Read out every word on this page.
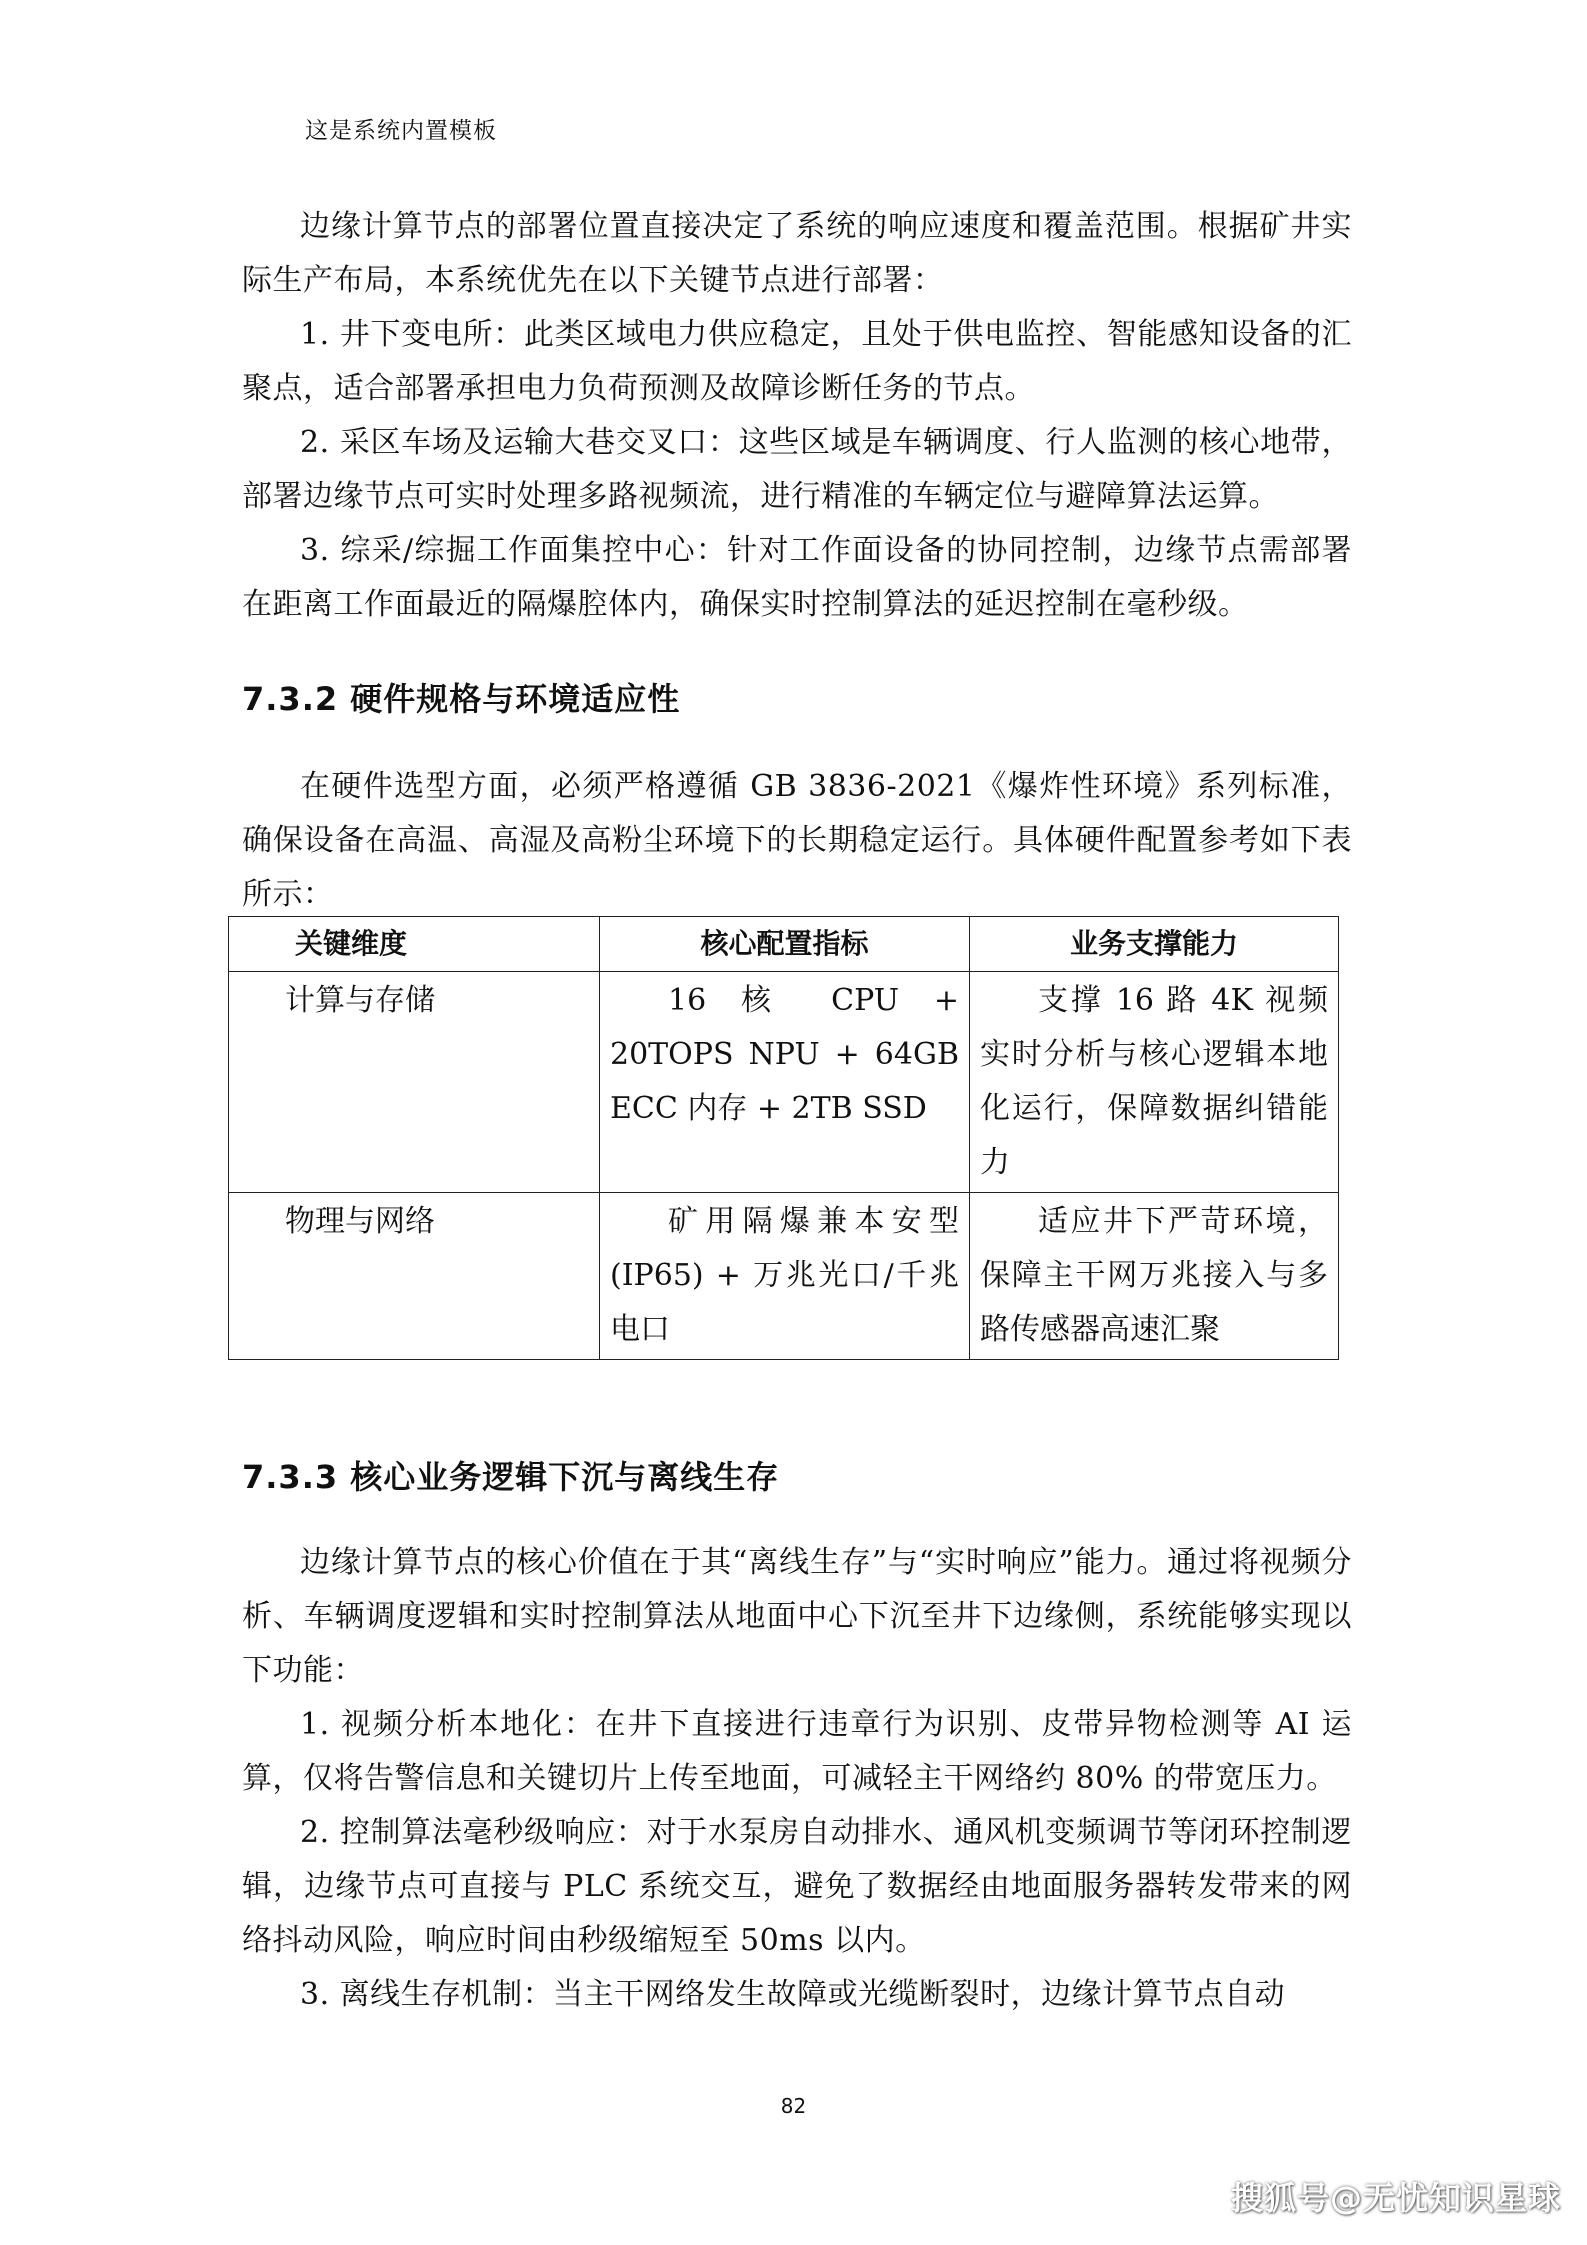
这是系统内置模板

边缘计算节点的部署位置直接决定了系统的响应速度和覆盖范围。根据矿井实际生产布局，本系统优先在以下关键节点进行部署：

1. 井下变电所：此类区域电力供应稳定，且处于供电监控、智能感知设备的汇聚点，适合部署承担电力负荷预测及故障诊断任务的节点。

2. 采区车场及运输大巷交叉口：这些区域是车辆调度、行人监测的核心地带，部署边缘节点可实时处理多路视频流，进行精准的车辆定位与避障算法运算。

3. 综采/综掘工作面集控中心：针对工作面设备的协同控制，边缘节点需部署在距离工作面最近的隔爆腔体内，确保实时控制算法的延迟控制在毫秒级。

7.3.2 硬件规格与环境适应性

在硬件选型方面，必须严格遵循 GB 3836-2021《爆炸性环境》系列标准，确保设备在高温、高湿及高粉尘环境下的长期稳定运行。具体硬件配置参考如下表所示：

关键维度	核心配置指标	业务支撑能力
计算与存储	16 核 CPU + 20TOPS NPU + 64GB ECC 内存 + 2TB SSD	支撑 16 路 4K 视频实时分析与核心逻辑本地化运行，保障数据纠错能力
物理与网络	矿用隔爆兼本安型 (IP65) + 万兆光口/千兆电口	适应井下严苛环境，保障主干网万兆接入与多路传感器高速汇聚
7.3.3 核心业务逻辑下沉与离线生存

边缘计算节点的核心价值在于其“离线生存”与“实时响应”能力。通过将视频分析、车辆调度逻辑和实时控制算法从地面中心下沉至井下边缘侧，系统能够实现以下功能：

1. 视频分析本地化：在井下直接进行违章行为识别、皮带异物检测等 AI 运算，仅将告警信息和关键切片上传至地面，可减轻主干网络约 80% 的带宽压力。

2. 控制算法毫秒级响应：对于水泵房自动排水、通风机变频调节等闭环控制逻辑，边缘节点可直接与 PLC 系统交互，避免了数据经由地面服务器转发带来的网络抖动风险，响应时间由秒级缩短至 50ms 以内。

3. 离线生存机制：当主干网络发生故障或光缆断裂时，边缘计算节点自动

82
搜狐号@无忧知识星球
